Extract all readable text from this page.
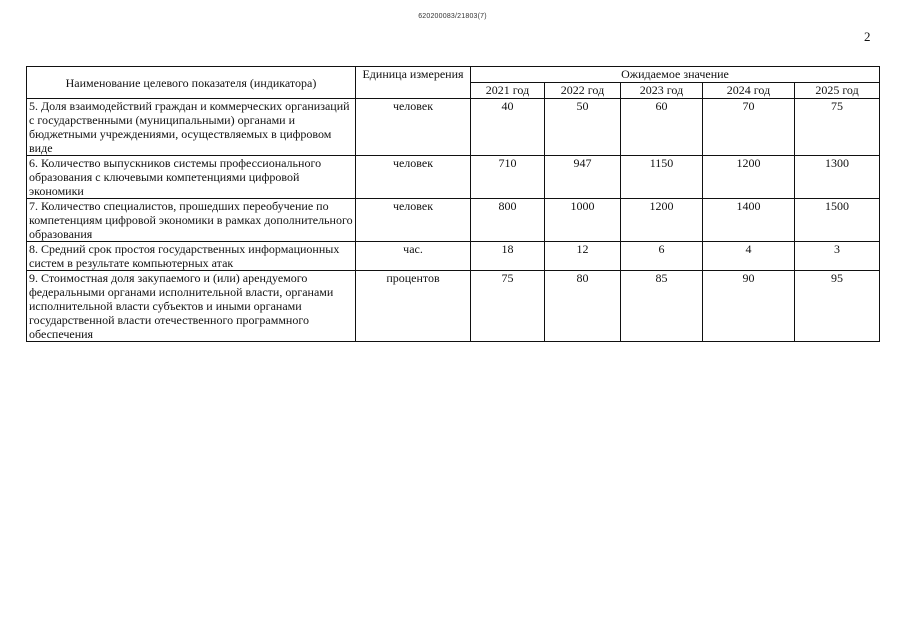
620200083/21803(7)
2
Наименование целевого показателя (индикатора)	Единица измерения	Ожидаемое значение				
		2021 год	2022 год	2023 год	2024 год	2025 год
5. Доля взаимодействий граждан и коммерческих организаций с государственными (муниципальными) органами и бюджетными учреждениями, осуществляемых в цифровом виде	человек	40	50	60	70	75
6. Количество выпускников системы профессионального образования с ключевыми компетенциями цифровой экономики	человек	710	947	1150	1200	1300
7. Количество специалистов, прошедших переобучение по компетенциям цифровой экономики в рамках дополнительного образования	человек	800	1000	1200	1400	1500
8. Средний срок простоя государственных информационных систем в результате компьютерных атак	час.	18	12	6	4	3
9. Стоимостная доля закупаемого и (или) арендуемого федеральными органами исполнительной власти, органами исполнительной власти субъектов и иными органами государственной власти отечественного программного обеспечения	процентов	75	80	85	90	95
